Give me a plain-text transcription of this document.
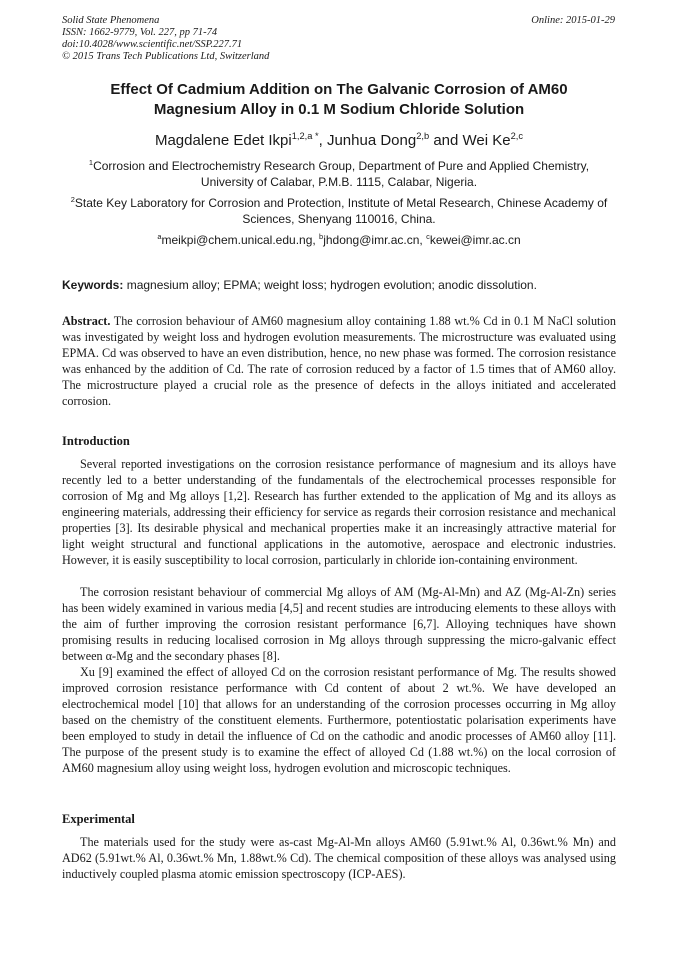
Solid State Phenomena
ISSN: 1662-9779, Vol. 227, pp 71-74
doi:10.4028/www.scientific.net/SSP.227.71
© 2015 Trans Tech Publications Ltd, Switzerland
Online: 2015-01-29
Effect Of Cadmium Addition on The Galvanic Corrosion of AM60
Magnesium Alloy in 0.1 M Sodium Chloride Solution
Magdalene Edet Ikpi$^{1,2,a *}$, Junhua Dong$^{2,b}$ and Wei Ke$^{2,c}$
$^1$Corrosion and Electrochemistry Research Group, Department of Pure and Applied Chemistry, University of Calabar, P.M.B. 1115, Calabar, Nigeria.
$^2$State Key Laboratory for Corrosion and Protection, Institute of Metal Research, Chinese Academy of Sciences, Shenyang 110016, China.
$^a$meikpi@chem.unical.edu.ng, $^b$jhdong@imr.ac.cn, $^c$kewei@imr.ac.cn
Keywords: magnesium alloy; EPMA; weight loss; hydrogen evolution; anodic dissolution.

Abstract. The corrosion behaviour of AM60 magnesium alloy containing 1.88 wt.% Cd in 0.1 M NaCl solution was investigated by weight loss and hydrogen evolution measurements. The microstructure was evaluated using EPMA. Cd was observed to have an even distribution, hence, no new phase was formed. The corrosion resistance was enhanced by the addition of Cd. The rate of corrosion reduced by a factor of 1.5 times that of AM60 alloy. The microstructure played a crucial role as the presence of defects in the alloys initiated and accelerated corrosion.

Introduction

Several reported investigations on the corrosion resistance performance of magnesium and its alloys have recently led to a better understanding of the fundamentals of the electrochemical processes responsible for corrosion of Mg and Mg alloys [1,2]. Research has further extended to the application of Mg and its alloys as engineering materials, addressing their efficiency for service as regards their corrosion resistance and mechanical properties [3]. Its desirable physical and mechanical properties make it an increasingly attractive material for light weight structural and functional applications in the automotive, aerospace and electronic industries. However, it is easily susceptibility to local corrosion, particularly in chloride ion-containing environment.

The corrosion resistant behaviour of commercial Mg alloys of AM (Mg-Al-Mn) and AZ (Mg-Al-Zn) series has been widely examined in various media [4,5] and recent studies are introducing elements to these alloys with the aim of further improving the corrosion resistant performance [6,7]. Alloying techniques have shown promising results in reducing localised corrosion in Mg alloys through suppressing the micro-galvanic effect between α-Mg and the secondary phases [8].

Xu [9] examined the effect of alloyed Cd on the corrosion resistant performance of Mg. The results showed improved corrosion resistance performance with Cd content of about 2 wt.%. We have developed an electrochemical model [10] that allows for an understanding of the corrosion processes occurring in Mg alloy based on the chemistry of the constituent elements. Furthermore, potentiostatic polarisation experiments have been employed to study in detail the influence of Cd on the cathodic and anodic processes of AM60 alloy [11]. The purpose of the present study is to examine the effect of alloyed Cd (1.88 wt.%) on the local corrosion of AM60 magnesium alloy using weight loss, hydrogen evolution and microscopic techniques.

Experimental

The materials used for the study were as-cast Mg-Al-Mn alloys AM60 (5.91wt.% Al, 0.36wt.% Mn) and AD62 (5.91wt.% Al, 0.36wt.% Mn, 1.88wt.% Cd). The chemical composition of these alloys was analysed using inductively coupled plasma atomic emission spectroscopy (ICP-AES).
